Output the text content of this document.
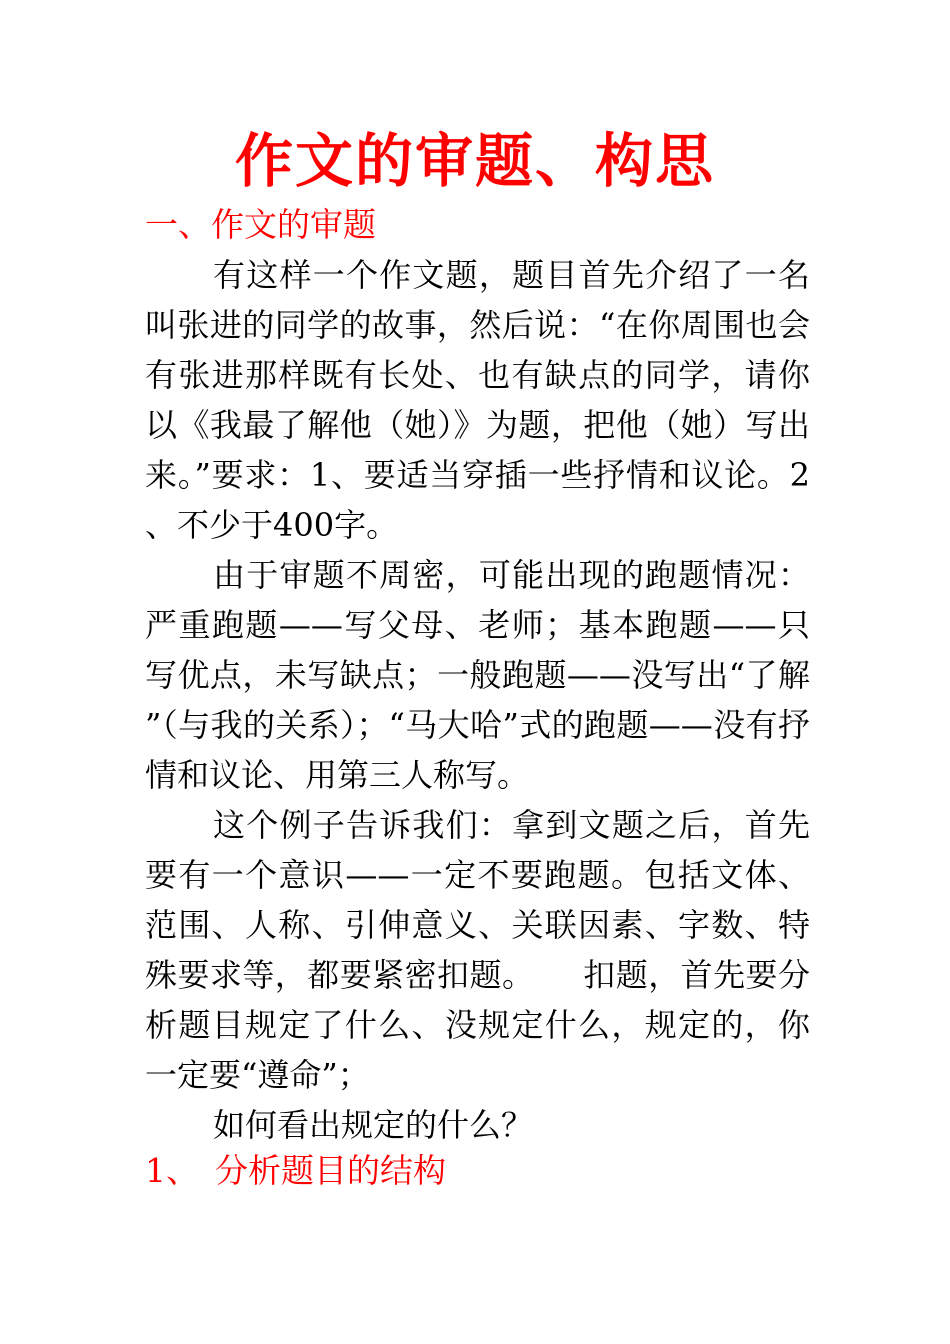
作文的审题、构思
一、作文的审题

有这样一个作文题，题目首先介绍了一名叫张进的同学的故事，然后说：“在你周围也会有张进那样既有长处、也有缺点的同学，请你以《我最了解他（她）》为题，把他（她）写出来。”要求：1、要适当穿插一些抒情和议论。2、不少于400字。

由于审题不周密，可能出现的跑题情况：严重跑题——写父母、老师；基本跑题——只写优点，未写缺点；一般跑题——没写出“了解”（与我的关系）；“马大哈”式的跑题——没有抒情和议论、用第三人称写。

这个例子告诉我们：拿到文题之后，首先要有一个意识——一定不要跑题。包括文体、范围、人称、引伸意义、关联因素、字数、特殊要求等，都要紧密扣题。　　扣题，首先要分析题目规定了什么、没规定什么，规定的，你一定要“遵命”；

如何看出规定的什么？

1、 分析题目的结构
